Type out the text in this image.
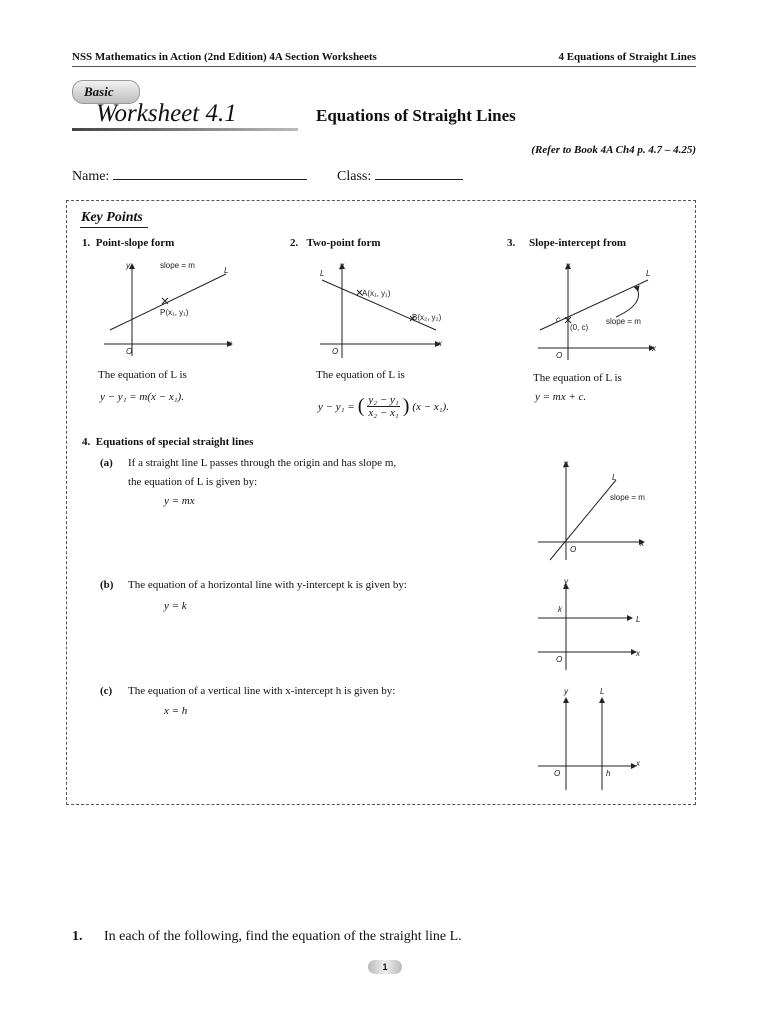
NSS Mathematics in Action (2nd Edition) 4A Section Worksheets	4 Equations of Straight Lines
Basic
Worksheet 4.1	Equations of Straight Lines
(Refer to Book 4A Ch4 p. 4.7 – 4.25)
Name:	Class:
Key Points
1. Point-slope form
O
x
y
L
slope = m
P(x₁, y₁)
The equation of L is
y − y₁ = m(x − x₁).
2. Two-point form
O
x
y
L
A(x₁, y₁)
B(x₂, y₂)
The equation of L is
y − y₁ = ( y₂ − y₁
x₂ − x₁ ) (x − x₁).
3. Slope-intercept from
O
x
y
L
c
(0, c)
slope = m
The equation of L is
y = mx + c.
4. Equations of special straight lines
(a) If a straight line L passes through the origin and has slope m,
the equation of L is given by:
y = mx
O
x
y
L
slope = m
(b) The equation of a horizontal line with y-intercept k is given by:
y = k
O
x
y
L
k
(c) The equation of a vertical line with x-intercept h is given by:
x = h
O
x
y	L
h
1. In each of the following, find the equation of the straight line L.
1
